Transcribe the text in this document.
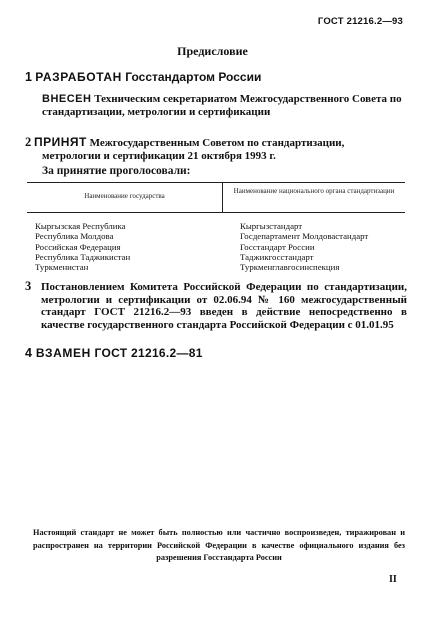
ГОСТ 21216.2—93
Предисловие
1 РАЗРАБОТАН Госстандартом России
ВНЕСЕН Техническим секретариатом Межгосударственного Совета по стандартизации, метрологии и сертификации
2 ПРИНЯТ Межгосударственным Советом по стандартизации,
метрологии и сертификации 21 октября 1993 г.
За принятие проголосовали:
Наименование государства
Наименование национального органа стандартизации
Кыргызская Республика
Республика Молдова
Российская Федерация
Республика Таджикистан
Туркменистан
Кыргызстандарт
Госдепартамент Молдовастандарт
Госстандарт России
Таджикгосстандарт
Туркменглавгосинспекция
3 Постановлением Комитета Российской Федерации по стандартизации, метрологии и сертификации от 02.06.94 № 160 межгосударственный стандарт ГОСТ 21216.2—93 введен в действие непосредственно в качестве государственного стандарта Российской Федерации с 01.01.95
4 ВЗАМЕН ГОСТ 21216.2—81
Настоящий стандарт не может быть полностью или частично воспроизведен, тиражирован и распространен на территории Российской Федерации в качестве официального издания без разрешения Госстандарта России
II
